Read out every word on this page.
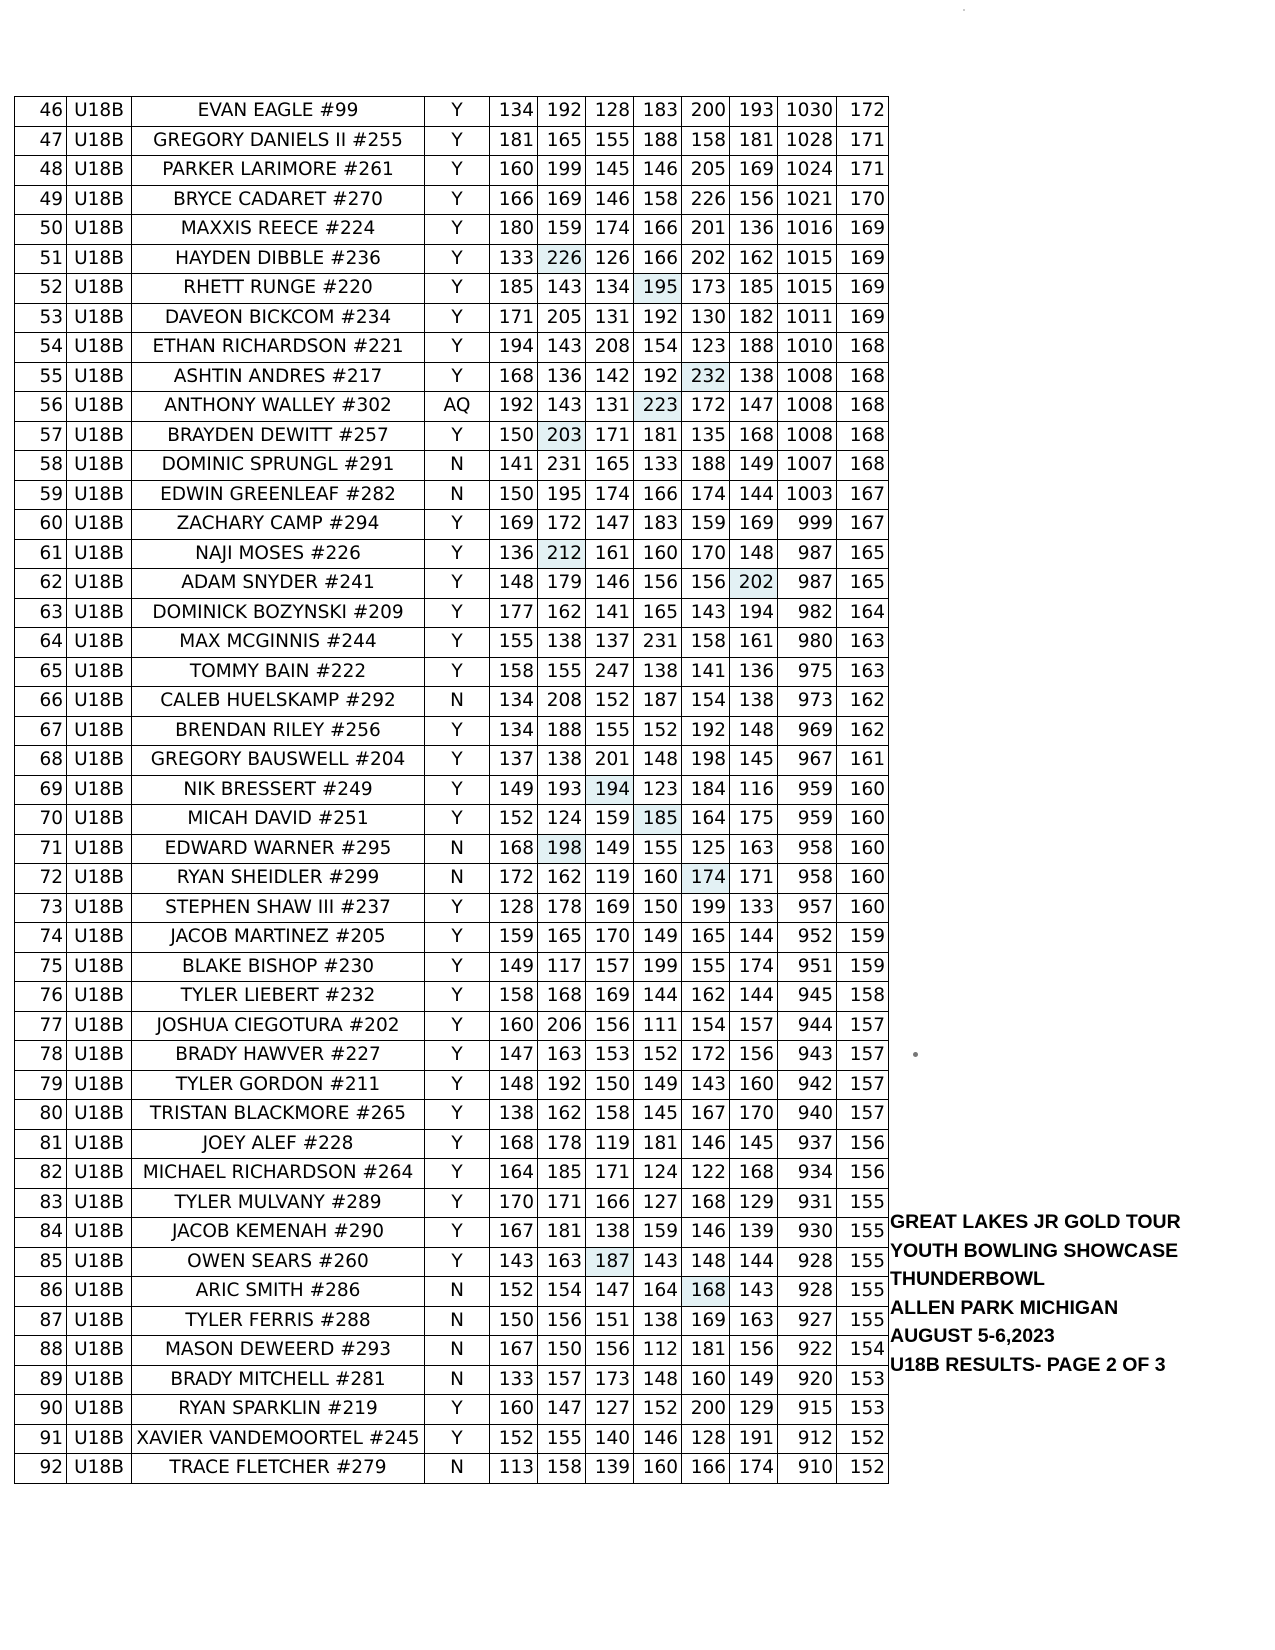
46	U18B	EVAN EAGLE #99	Y	134	192	128	183	200	193	1030	172
47	U18B	GREGORY DANIELS II #255	Y	181	165	155	188	158	181	1028	171
48	U18B	PARKER LARIMORE #261	Y	160	199	145	146	205	169	1024	171
49	U18B	BRYCE CADARET #270	Y	166	169	146	158	226	156	1021	170
50	U18B	MAXXIS REECE #224	Y	180	159	174	166	201	136	1016	169
51	U18B	HAYDEN DIBBLE #236	Y	133	226	126	166	202	162	1015	169
52	U18B	RHETT RUNGE #220	Y	185	143	134	195	173	185	1015	169
53	U18B	DAVEON BICKCOM #234	Y	171	205	131	192	130	182	1011	169
54	U18B	ETHAN RICHARDSON #221	Y	194	143	208	154	123	188	1010	168
55	U18B	ASHTIN ANDRES #217	Y	168	136	142	192	232	138	1008	168
56	U18B	ANTHONY WALLEY #302	AQ	192	143	131	223	172	147	1008	168
57	U18B	BRAYDEN DEWITT #257	Y	150	203	171	181	135	168	1008	168
58	U18B	DOMINIC SPRUNGL #291	N	141	231	165	133	188	149	1007	168
59	U18B	EDWIN GREENLEAF #282	N	150	195	174	166	174	144	1003	167
60	U18B	ZACHARY CAMP #294	Y	169	172	147	183	159	169	999	167
61	U18B	NAJI MOSES #226	Y	136	212	161	160	170	148	987	165
62	U18B	ADAM SNYDER #241	Y	148	179	146	156	156	202	987	165
63	U18B	DOMINICK BOZYNSKI #209	Y	177	162	141	165	143	194	982	164
64	U18B	MAX MCGINNIS #244	Y	155	138	137	231	158	161	980	163
65	U18B	TOMMY BAIN #222	Y	158	155	247	138	141	136	975	163
66	U18B	CALEB HUELSKAMP #292	N	134	208	152	187	154	138	973	162
67	U18B	BRENDAN RILEY #256	Y	134	188	155	152	192	148	969	162
68	U18B	GREGORY BAUSWELL #204	Y	137	138	201	148	198	145	967	161
69	U18B	NIK BRESSERT #249	Y	149	193	194	123	184	116	959	160
70	U18B	MICAH DAVID #251	Y	152	124	159	185	164	175	959	160
71	U18B	EDWARD WARNER #295	N	168	198	149	155	125	163	958	160
72	U18B	RYAN SHEIDLER #299	N	172	162	119	160	174	171	958	160
73	U18B	STEPHEN SHAW III #237	Y	128	178	169	150	199	133	957	160
74	U18B	JACOB MARTINEZ #205	Y	159	165	170	149	165	144	952	159
75	U18B	BLAKE BISHOP #230	Y	149	117	157	199	155	174	951	159
76	U18B	TYLER LIEBERT #232	Y	158	168	169	144	162	144	945	158
77	U18B	JOSHUA CIEGOTURA #202	Y	160	206	156	111	154	157	944	157
78	U18B	BRADY HAWVER #227	Y	147	163	153	152	172	156	943	157
79	U18B	TYLER GORDON #211	Y	148	192	150	149	143	160	942	157
80	U18B	TRISTAN BLACKMORE #265	Y	138	162	158	145	167	170	940	157
81	U18B	JOEY ALEF #228	Y	168	178	119	181	146	145	937	156
82	U18B	MICHAEL RICHARDSON #264	Y	164	185	171	124	122	168	934	156
83	U18B	TYLER MULVANY #289	Y	170	171	166	127	168	129	931	155
84	U18B	JACOB KEMENAH #290	Y	167	181	138	159	146	139	930	155
85	U18B	OWEN SEARS #260	Y	143	163	187	143	148	144	928	155
86	U18B	ARIC SMITH #286	N	152	154	147	164	168	143	928	155
87	U18B	TYLER FERRIS #288	N	150	156	151	138	169	163	927	155
88	U18B	MASON DEWEERD #293	N	167	150	156	112	181	156	922	154
89	U18B	BRADY MITCHELL #281	N	133	157	173	148	160	149	920	153
90	U18B	RYAN SPARKLIN #219	Y	160	147	127	152	200	129	915	153
91	U18B	XAVIER VANDEMOORTEL #245	Y	152	155	140	146	128	191	912	152
92	U18B	TRACE FLETCHER #279	N	113	158	139	160	166	174	910	152
GREAT LAKES JR GOLD TOUR
YOUTH BOWLING SHOWCASE
THUNDERBOWL
ALLEN PARK MICHIGAN
AUGUST 5-6,2023
U18B RESULTS- PAGE 2 OF 3
